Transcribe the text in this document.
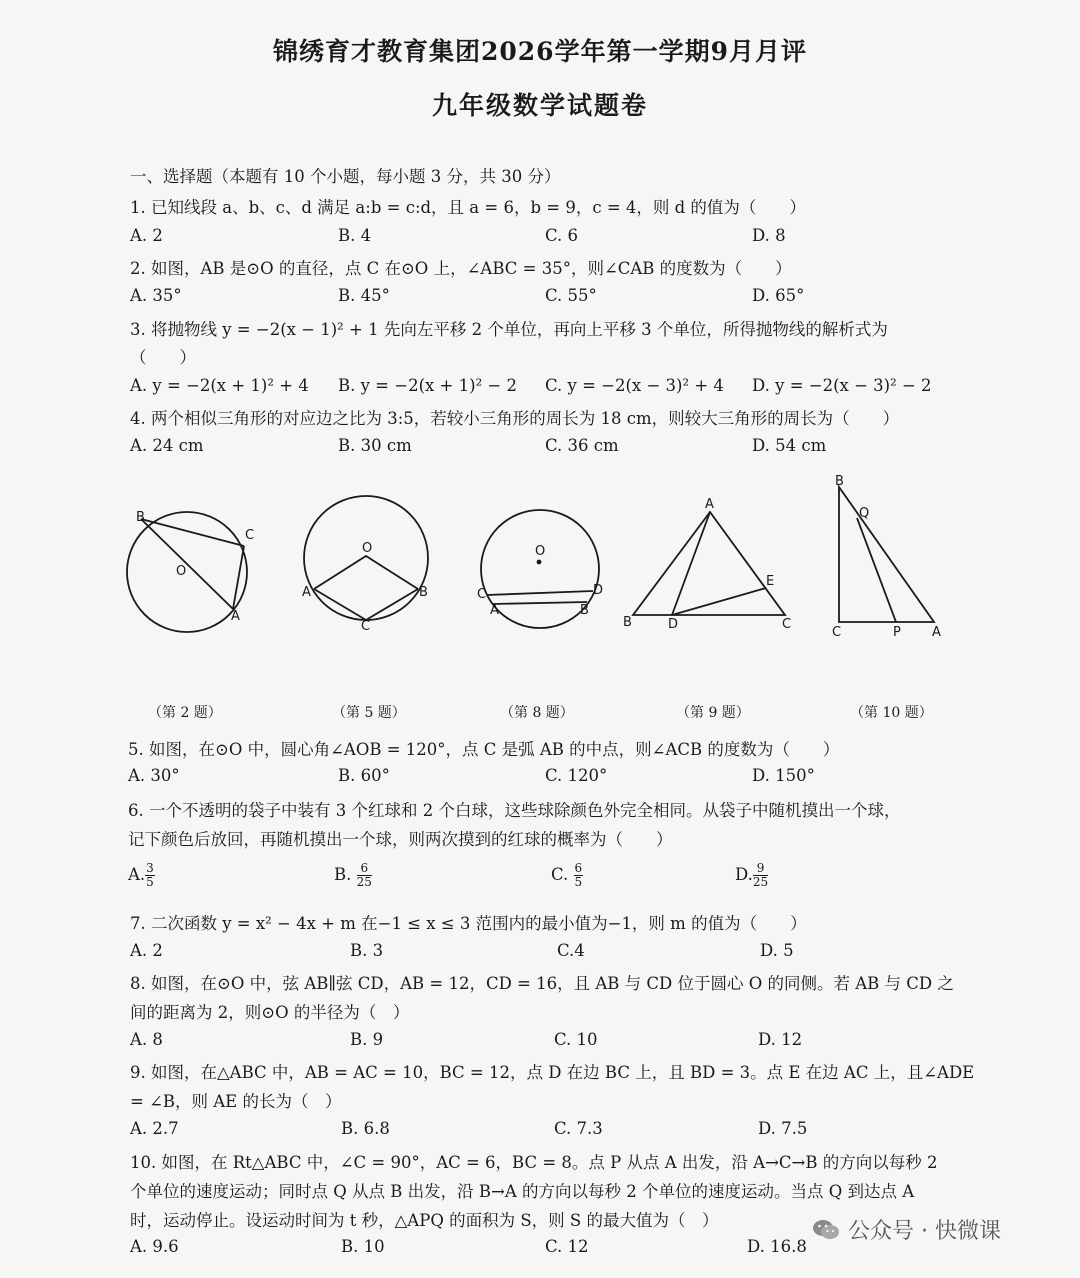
锦绣育才教育集团2026学年第一学期9月月评
九年级数学试题卷
一、选择题（本题有 10 个小题，每小题 3 分，共 30 分）
1. 已知线段 a、b、c、d 满足 a:b = c:d，且 a = 6，b = 9，c = 4，则 d 的值为（　　）
A. 2	B. 4	C. 6	D. 8
2. 如图，AB 是⊙O 的直径，点 C 在⊙O 上，∠ABC = 35°，则∠CAB 的度数为（　　）
A. 35°	B. 45°	C. 55°	D. 65°
3. 将抛物线 y = −2(x − 1)² + 1 先向左平移 2 个单位，再向上平移 3 个单位，所得抛物线的解析式为
（　　）
A. y = −2(x + 1)² + 4 B. y = −2(x + 1)² − 2 C. y = −2(x − 3)² + 4 D. y = −2(x − 3)² − 2
4. 两个相似三角形的对应边之比为 3:5，若较小三角形的周长为 18 cm，则较大三角形的周长为（　　）
A. 24 cm	B. 30 cm	C. 36 cm	D. 54 cm
B
C
O
A
O
A	B
C
O
C	D
A	B
A
E
B	D	C
B
Q
C	P A
（第 2 题）	（第 5 题）	（第 8 题）	（第 9 题）	（第 10 题）
5. 如图，在⊙O 中，圆心角∠AOB = 120°，点 C 是弧 AB 的中点，则∠ACB 的度数为（　　）
A. 30°	B. 60°	C. 120°	D. 150°
6. 一个不透明的袋子中装有 3 个红球和 2 个白球，这些球除颜色外完全相同。从袋子中随机摸出一个球，
记下颜色后放回，再随机摸出一个球，则两次摸到的红球的概率为（　　）
A. $\frac{3}{5}$	B. $\frac{6}{25}$	C. $\frac{6}{5}$	D. $\frac{9}{25}$
7. 二次函数 y = x² − 4x + m 在−1 ≤ x ≤ 3 范围内的最小值为−1，则 m 的值为（　　）
A. 2	B. 3	C.4	D. 5
8. 如图，在⊙O 中，弦 AB∥弦 CD，AB = 12，CD = 16，且 AB 与 CD 位于圆心 O 的同侧。若 AB 与 CD 之
间的距离为 2，则⊙O 的半径为（　）
A. 8	B. 9	C. 10	D. 12
9. 如图，在△ABC 中，AB = AC = 10，BC = 12，点 D 在边 BC 上，且 BD = 3。点 E 在边 AC 上，且∠ADE
= ∠B，则 AE 的长为（　）
A. 2.7	B. 6.8	C. 7.3	D. 7.5
10. 如图，在 Rt△ABC 中，∠C = 90°，AC = 6，BC = 8。点 P 从点 A 出发，沿 A→C→B 的方向以每秒 2
个单位的速度运动；同时点 Q 从点 B 出发，沿 B→A 的方向以每秒 2 个单位的速度运动。当点 Q 到达点 A
时，运动停止。设运动时间为 t 秒，△APQ 的面积为 S，则 S 的最大值为（　）
A. 9.6	B. 10	C. 12	D. 16.8
公众号 · 快微课
